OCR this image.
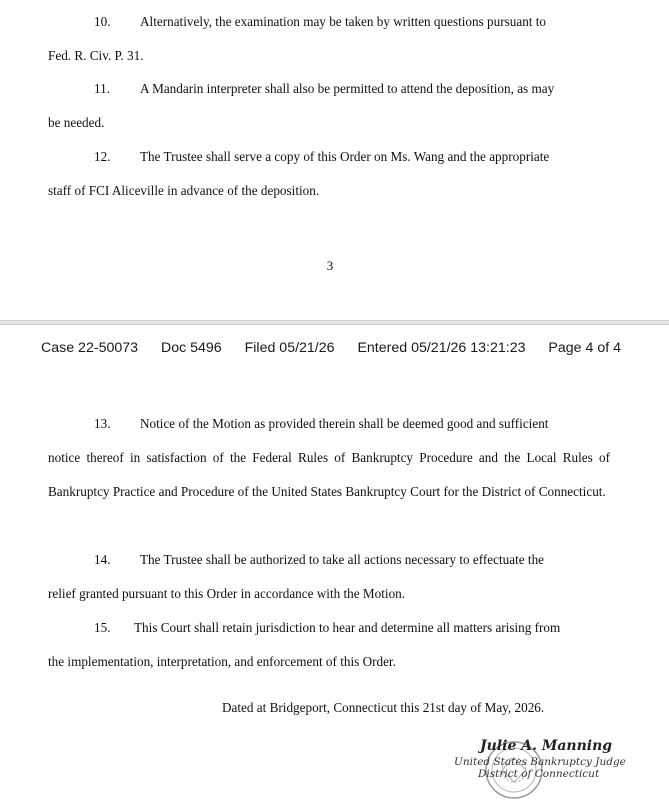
10. Alternatively, the examination may be taken by written questions pursuant to
Fed. R. Civ. P. 31.

11. A Mandarin interpreter shall also be permitted to attend the deposition, as may
be needed.

12. The Trustee shall serve a copy of this Order on Ms. Wang and the appropriate
staff of FCI Aliceville in advance of the deposition.

3
Case 22-50073 Doc 5496 Filed 05/21/26 Entered 05/21/26 13:21:23 Page 4 of 4

13. Notice of the Motion as provided therein shall be deemed good and sufficient
notice thereof in satisfaction of the Federal Rules of Bankruptcy Procedure and the Local Rules of Bankruptcy Practice and Procedure of the United States Bankruptcy Court for the District of Connecticut.

14. The Trustee shall be authorized to take all actions necessary to effectuate the
relief granted pursuant to this Order in accordance with the Motion.

15. This Court shall retain jurisdiction to hear and determine all matters arising from
the implementation, interpretation, and enforcement of this Order.

Dated at Bridgeport, Connecticut this 21st day of May, 2026.
Julie A. Manning
United States Bankruptcy Judge
District of Connecticut
